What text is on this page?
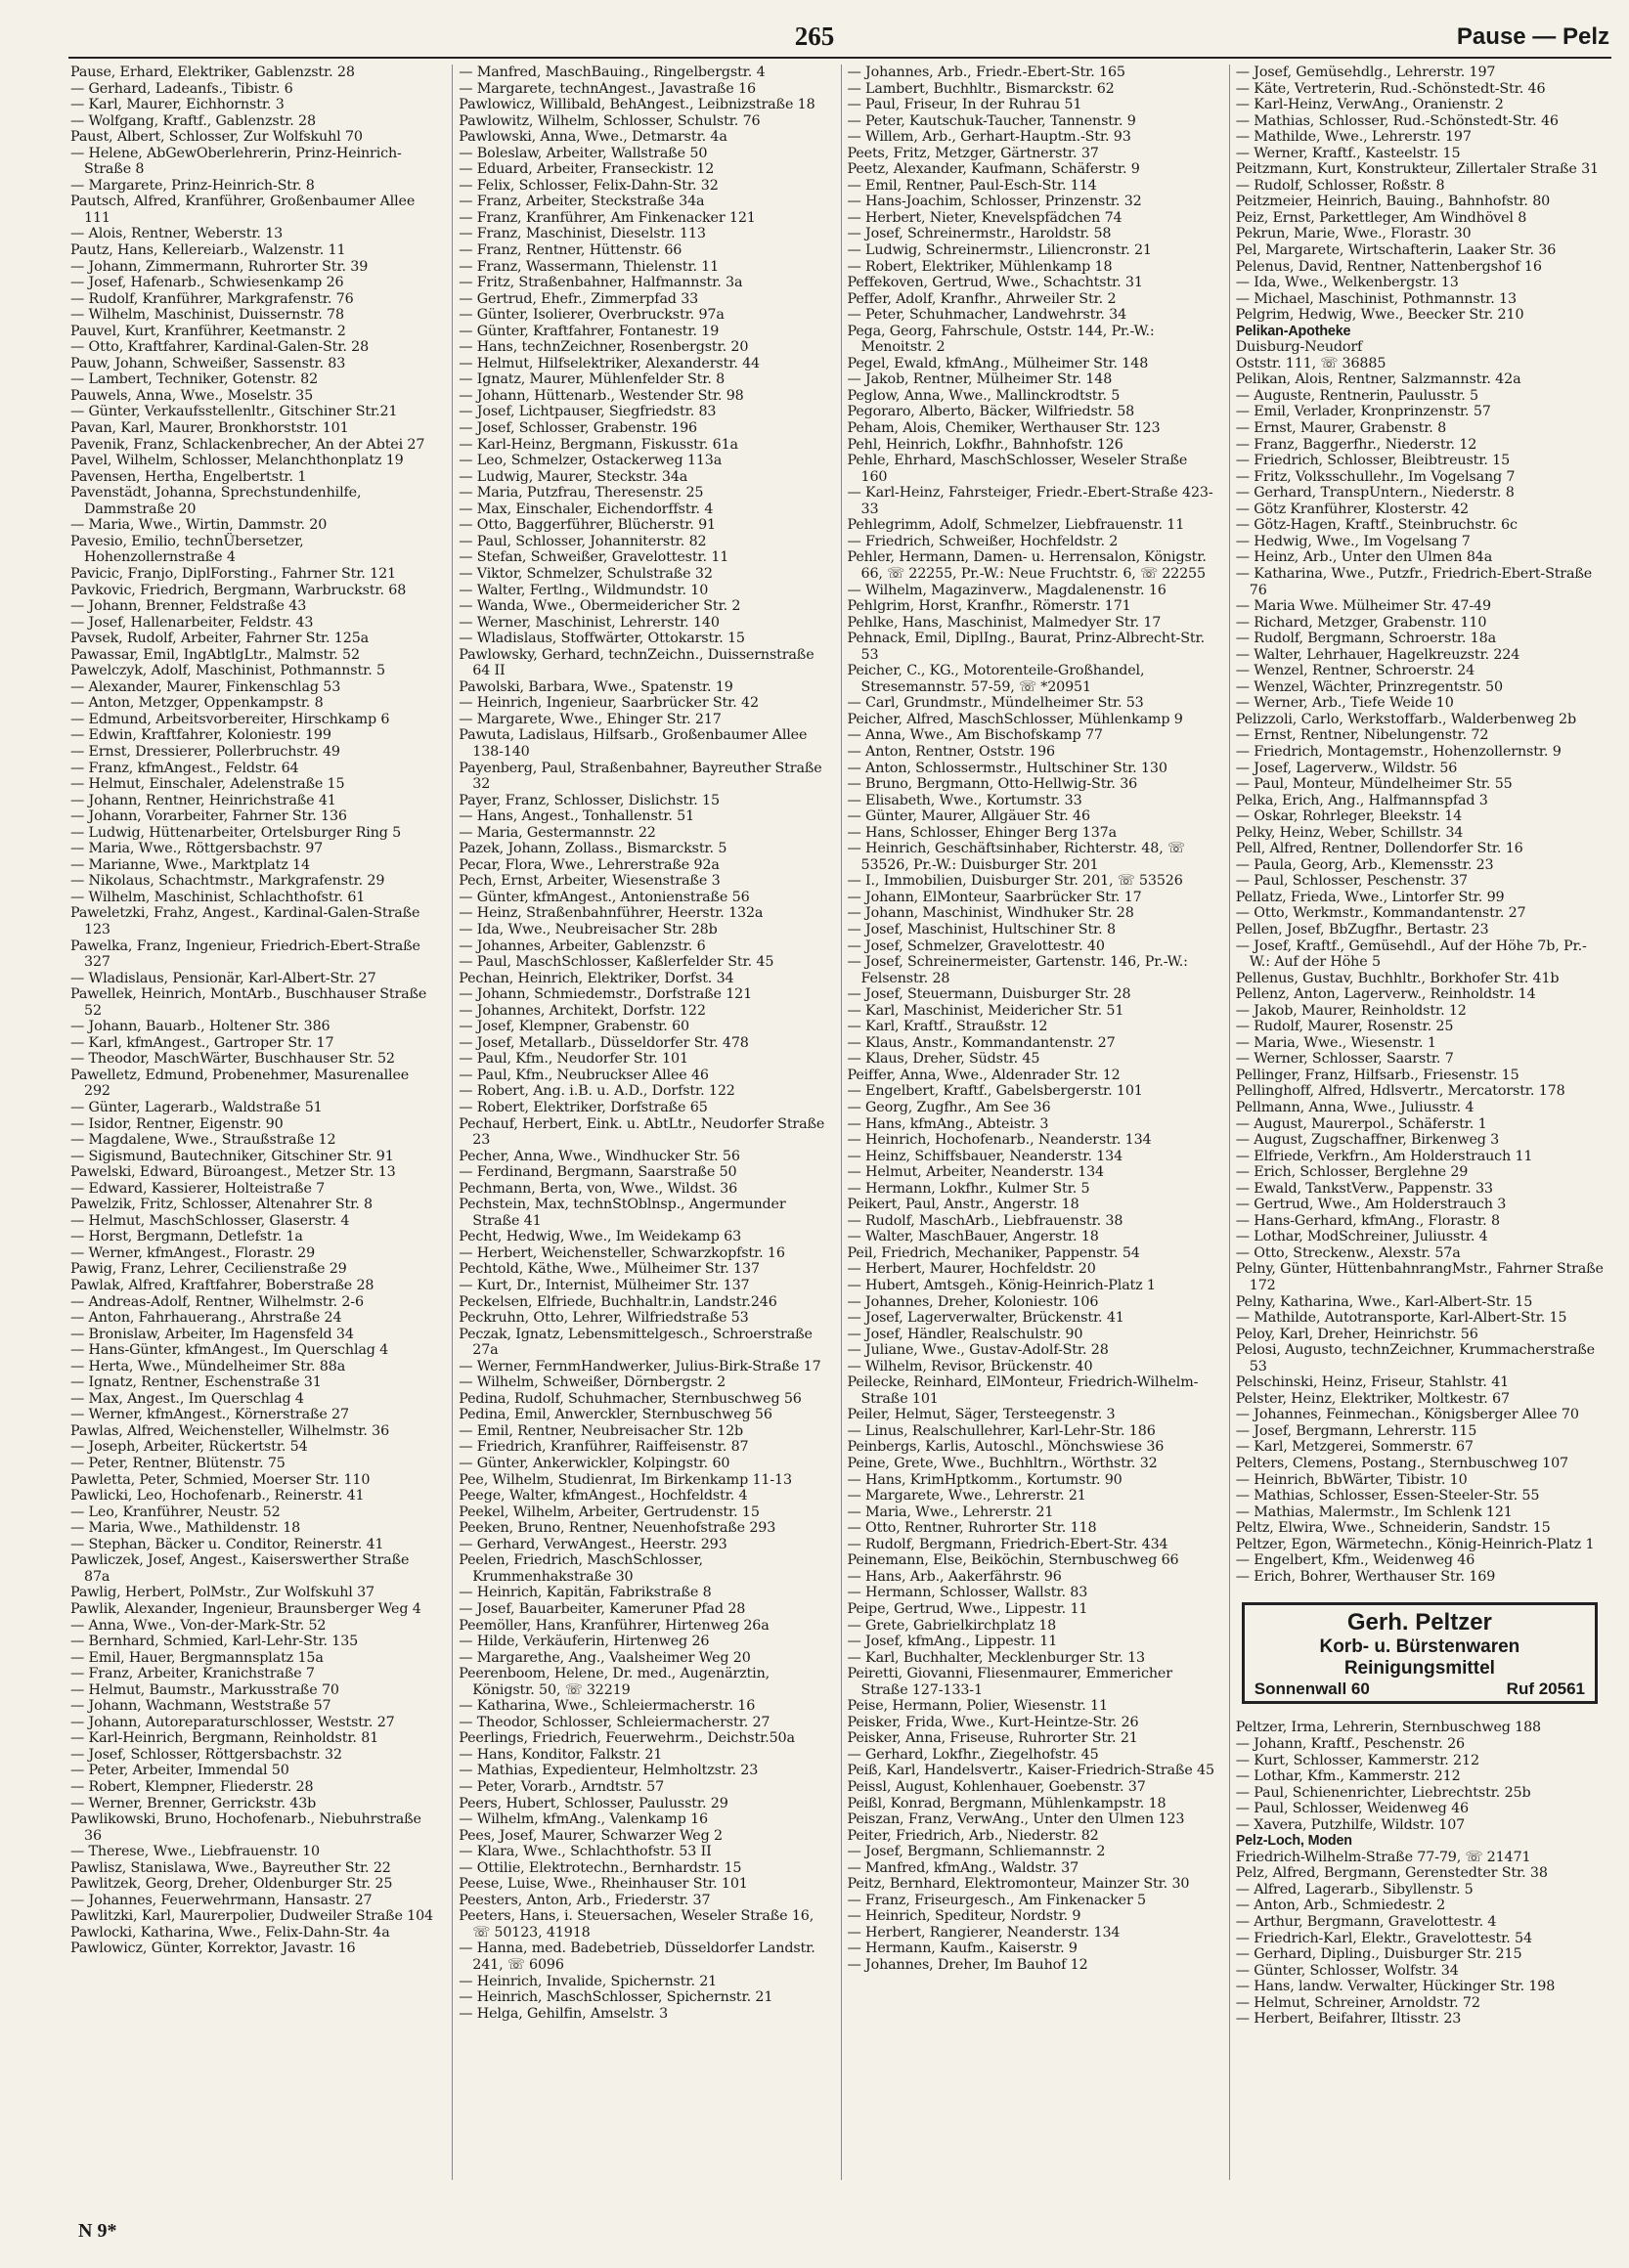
265	Pause — Pelz
Pause, Erhard, Elektriker, Gablenzstr. 28
— Gerhard, Ladeanfs., Tibistr. 6
— Karl, Maurer, Eichhornstr. 3
— Wolfgang, Kraftf., Gablenzstr. 28
Paust, Albert, Schlosser, Zur Wolfskuhl 70
— Helene, AbGewOberlehrerin, Prinz-Heinrich-Straße 8
— Margarete, Prinz-Heinrich-Str. 8
Pautsch, Alfred, Kranführer, Großenbaumer Allee 111
— Alois, Rentner, Weberstr. 13
Pautz, Hans, Kellereiarb., Walzenstr. 11
— Johann, Zimmermann, Ruhrorter Str. 39
— Josef, Hafenarb., Schwiesenkamp 26
— Rudolf, Kranführer, Markgrafenstr. 76
— Wilhelm, Maschinist, Duissernstr. 78
Pauvel, Kurt, Kranführer, Keetmanstr. 2
— Otto, Kraftfahrer, Kardinal-Galen-Str. 28
Pauw, Johann, Schweißer, Sassenstr. 83
— Lambert, Techniker, Gotenstr. 82
Pauwels, Anna, Wwe., Moselstr. 35
— Günter, Verkaufsstellenltr., Gitschiner Str.21
Pavan, Karl, Maurer, Bronkhorststr. 101
Pavenik, Franz, Schlackenbrecher, An der Abtei 27
Pavel, Wilhelm, Schlosser, Melanchthonplatz 19
Pavensen, Hertha, Engelbertstr. 1
Pavenstädt, Johanna, Sprechstundenhilfe, Dammstraße 20
— Maria, Wwe., Wirtin, Dammstr. 20
Pavesio, Emilio, technÜbersetzer, Hohenzollernstraße 4
Pavicic, Franjo, DiplForsting., Fahrner Str. 121
Pavkovic, Friedrich, Bergmann, Warbruckstr. 68
— Johann, Brenner, Feldstraße 43
— Josef, Hallenarbeiter, Feldstr. 43
Pavsek, Rudolf, Arbeiter, Fahrner Str. 125a
Pawassar, Emil, IngAbtlgLtr., Malmstr. 52
Pawelczyk, Adolf, Maschinist, Pothmannstr. 5
— Alexander, Maurer, Finkenschlag 53
— Anton, Metzger, Oppenkampstr. 8
— Edmund, Arbeitsvorbereiter, Hirschkamp 6
— Edwin, Kraftfahrer, Koloniestr. 199
— Ernst, Dressierer, Pollerbruchstr. 49
— Franz, kfmAngest., Feldstr. 64
— Helmut, Einschaler, Adelenstraße 15
— Johann, Rentner, Heinrichstraße 41
— Johann, Vorarbeiter, Fahrner Str. 136
— Ludwig, Hüttenarbeiter, Ortelsburger Ring 5
— Maria, Wwe., Röttgersbachstr. 97
— Marianne, Wwe., Marktplatz 14
— Nikolaus, Schachtmstr., Markgrafenstr. 29
— Wilhelm, Maschinist, Schlachthofstr. 61
Paweletzki, Frahz, Angest., Kardinal-Galen-Straße 123
Pawelka, Franz, Ingenieur, Friedrich-Ebert-Straße 327
— Wladislaus, Pensionär, Karl-Albert-Str. 27
Pawellek, Heinrich, MontArb., Buschhauser Straße 52
— Johann, Bauarb., Holtener Str. 386
— Karl, kfmAngest., Gartroper Str. 17
— Theodor, MaschWärter, Buschhauser Str. 52
Pawelletz, Edmund, Probenehmer, Masurenallee 292
— Günter, Lagerarb., Waldstraße 51
— Isidor, Rentner, Eigenstr. 90
— Magdalene, Wwe., Straußstraße 12
— Sigismund, Bautechniker, Gitschiner Str. 91
Pawelski, Edward, Büroangest., Metzer Str. 13
— Edward, Kassierer, Holteistraße 7
Pawelzik, Fritz, Schlosser, Altenahrer Str. 8
— Helmut, MaschSchlosser, Glaserstr. 4
— Horst, Bergmann, Detlefstr. 1a
— Werner, kfmAngest., Florastr. 29
Pawig, Franz, Lehrer, Cecilienstraße 29
Pawlak, Alfred, Kraftfahrer, Boberstraße 28
— Andreas-Adolf, Rentner, Wilhelmstr. 2-6
— Anton, Fahrhauerang., Ahrstraße 24
— Bronislaw, Arbeiter, Im Hagensfeld 34
— Hans-Günter, kfmAngest., Im Querschlag 4
— Herta, Wwe., Mündelheimer Str. 88a
— Ignatz, Rentner, Eschenstraße 31
— Max, Angest., Im Querschlag 4
— Werner, kfmAngest., Körnerstraße 27
Pawlas, Alfred, Weichensteller, Wilhelmstr. 36
— Joseph, Arbeiter, Rückertstr. 54
— Peter, Rentner, Blütenstr. 75
Pawletta, Peter, Schmied, Moerser Str. 110
Pawlicki, Leo, Hochofenarb., Reinerstr. 41
— Leo, Kranführer, Neustr. 52
— Maria, Wwe., Mathildenstr. 18
— Stephan, Bäcker u. Conditor, Reinerstr. 41
Pawliczek, Josef, Angest., Kaiserswerther Straße 87a
Pawlig, Herbert, PolMstr., Zur Wolfskuhl 37
Pawlik, Alexander, Ingenieur, Braunsberger Weg 4
— Anna, Wwe., Von-der-Mark-Str. 52
— Bernhard, Schmied, Karl-Lehr-Str. 135
— Emil, Hauer, Bergmannsplatz 15a
— Franz, Arbeiter, Kranichstraße 7
— Helmut, Baumstr., Markusstraße 70
— Johann, Wachmann, Weststraße 57
— Johann, Autoreparaturschlosser, Weststr. 27
— Karl-Heinrich, Bergmann, Reinholdstr. 81
— Josef, Schlosser, Röttgersbachstr. 32
— Peter, Arbeiter, Immendal 50
— Robert, Klempner, Fliederstr. 28
— Werner, Brenner, Gerrickstr. 43b
Pawlikowski, Bruno, Hochofenarb., Niebuhrstraße 36
— Therese, Wwe., Liebfrauenstr. 10
Pawlisz, Stanislawa, Wwe., Bayreuther Str. 22
Pawlitzek, Georg, Dreher, Oldenburger Str. 25
— Johannes, Feuerwehrmann, Hansastr. 27
Pawlitzki, Karl, Maurerpolier, Dudweiler Straße 104
Pawlocki, Katharina, Wwe., Felix-Dahn-Str. 4a
Pawlowicz, Günter, Korrektor, Javastr. 16
— Manfred, MaschBauing., Ringelbergstr. 4
— Margarete, technAngest., Javastraße 16
Pawlowicz, Willibald, BehAngest., Leibnizstraße 18
Pawlowitz, Wilhelm, Schlosser, Schulstr. 76
Pawlowski, Anna, Wwe., Detmarstr. 4a
— Boleslaw, Arbeiter, Wallstraße 50
— Eduard, Arbeiter, Franseckistr. 12
— Felix, Schlosser, Felix-Dahn-Str. 32
— Franz, Arbeiter, Steckstraße 34a
— Franz, Kranführer, Am Finkenacker 121
— Franz, Maschinist, Dieselstr. 113
— Franz, Rentner, Hüttenstr. 66
— Franz, Wassermann, Thielenstr. 11
— Fritz, Straßenbahner, Halfmannstr. 3a
— Gertrud, Ehefr., Zimmerpfad 33
— Günter, Isolierer, Overbruckstr. 97a
— Günter, Kraftfahrer, Fontanestr. 19
— Hans, technZeichner, Rosenbergstr. 20
— Helmut, Hilfselektriker, Alexanderstr. 44
— Ignatz, Maurer, Mühlenfelder Str. 8
— Johann, Hüttenarb., Westender Str. 98
— Josef, Lichtpauser, Siegfriedstr. 83
— Josef, Schlosser, Grabenstr. 196
— Karl-Heinz, Bergmann, Fiskusstr. 61a
— Leo, Schmelzer, Ostackerweg 113a
— Ludwig, Maurer, Steckstr. 34a
— Maria, Putzfrau, Theresenstr. 25
— Max, Einschaler, Eichendorffstr. 4
— Otto, Baggerführer, Blücherstr. 91
— Paul, Schlosser, Johanniterstr. 82
— Stefan, Schweißer, Gravelottestr. 11
— Viktor, Schmelzer, Schulstraße 32
— Walter, Fertlng., Wildmundstr. 10
— Wanda, Wwe., Obermeidericher Str. 2
— Werner, Maschinist, Lehrerstr. 140
— Wladislaus, Stoffwärter, Ottokarstr. 15
Pawlowsky, Gerhard, technZeichn., Duissernstraße 64 II
Pawolski, Barbara, Wwe., Spatenstr. 19
— Heinrich, Ingenieur, Saarbrücker Str. 42
— Margarete, Wwe., Ehinger Str. 217
Pawuta, Ladislaus, Hilfsarb., Großenbaumer Allee 138-140
Payenberg, Paul, Straßenbahner, Bayreuther Straße 32
Payer, Franz, Schlosser, Dislichstr. 15
— Hans, Angest., Tonhallenstr. 51
— Maria, Gestermannstr. 22
Pazek, Johann, Zollass., Bismarckstr. 5
Pecar, Flora, Wwe., Lehrerstraße 92a
Pech, Ernst, Arbeiter, Wiesenstraße 3
— Günter, kfmAngest., Antonienstraße 56
— Heinz, Straßenbahnführer, Heerstr. 132a
— Ida, Wwe., Neubreisacher Str. 28b
— Johannes, Arbeiter, Gablenzstr. 6
— Paul, MaschSchlosser, Kaßlerfelder Str. 45
Pechan, Heinrich, Elektriker, Dorfst. 34
— Johann, Schmiedemstr., Dorfstraße 121
— Johannes, Architekt, Dorfstr. 122
— Josef, Klempner, Grabenstr. 60
— Josef, Metallarb., Düsseldorfer Str. 478
— Paul, Kfm., Neudorfer Str. 101
— Paul, Kfm., Neubruckser Allee 46
— Robert, Ang. i.B. u. A.D., Dorfstr. 122
— Robert, Elektriker, Dorfstraße 65
Pechauf, Herbert, Eink. u. AbtLtr., Neudorfer Straße 23
Pecher, Anna, Wwe., Windhucker Str. 56
— Ferdinand, Bergmann, Saarstraße 50
Pechmann, Berta, von, Wwe., Wildst. 36
Pechstein, Max, technStOblnsp., Angermunder Straße 41
Pecht, Hedwig, Wwe., Im Weidekamp 63
— Herbert, Weichensteller, Schwarzkopfstr. 16
Pechtold, Käthe, Wwe., Mülheimer Str. 137
— Kurt, Dr., Internist, Mülheimer Str. 137
Peckelsen, Elfriede, Buchhaltr.in, Landstr.246
Peckruhn, Otto, Lehrer, Wilfriedstraße 53
Peczak, Ignatz, Lebensmittelgesch., Schroerstraße 27a
— Werner, FernmHandwerker, Julius-Birk-Straße 17
— Wilhelm, Schweißer, Dörnbergstr. 2
Pedina, Rudolf, Schuhmacher, Sternbuschweg 56
Pedina, Emil, Anwerckler, Sternbuschweg 56
— Emil, Rentner, Neubreisacher Str. 12b
— Friedrich, Kranführer, Raiffeisenstr. 87
— Günter, Ankerwickler, Kolpingstr. 60
Pee, Wilhelm, Studienrat, Im Birkenkamp 11-13
Peege, Walter, kfmAngest., Hochfeldstr. 4
Peekel, Wilhelm, Arbeiter, Gertrudenstr. 15
Peeken, Bruno, Rentner, Neuenhofstraße 293
— Gerhard, VerwAngest., Heerstr. 293
Peelen, Friedrich, MaschSchlosser, Krummenhakstraße 30
— Heinrich, Kapitän, Fabrikstraße 8
— Josef, Bauarbeiter, Kameruner Pfad 28
Peemöller, Hans, Kranführer, Hirtenweg 26a
— Hilde, Verkäuferin, Hirtenweg 26
— Margarethe, Ang., Vaalsheimer Weg 20
Peerenboom, Helene, Dr. med., Augenärztin, Königstr. 50, ☏ 32219
— Katharina, Wwe., Schleiermacherstr. 16
— Theodor, Schlosser, Schleiermacherstr. 27
Peerlings, Friedrich, Feuerwehrm., Deichstr.50a
— Hans, Konditor, Falkstr. 21
— Mathias, Expedienteur, Helmholtzstr. 23
— Peter, Vorarb., Arndtstr. 57
Peers, Hubert, Schlosser, Paulusstr. 29
— Wilhelm, kfmAng., Valenkamp 16
Pees, Josef, Maurer, Schwarzer Weg 2
— Klara, Wwe., Schlachthofstr. 53 II
— Ottilie, Elektrotechn., Bernhardstr. 15
Peese, Luise, Wwe., Rheinhauser Str. 101
Peesters, Anton, Arb., Friederstr. 37
Peeters, Hans, i. Steuersachen, Weseler Straße 16, ☏ 50123, 41918
— Hanna, med. Badebetrieb, Düsseldorfer Landstr. 241, ☏ 6096
— Heinrich, Invalide, Spichernstr. 21
— Heinrich, MaschSchlosser, Spichernstr. 21
— Helga, Gehilfin, Amselstr. 3
— Johannes, Arb., Friedr.-Ebert-Str. 165
— Lambert, Buchhltr., Bismarckstr. 62
— Paul, Friseur, In der Ruhrau 51
— Peter, Kautschuk-Taucher, Tannenstr. 9
— Willem, Arb., Gerhart-Hauptm.-Str. 93
Peets, Fritz, Metzger, Gärtnerstr. 37
Peetz, Alexander, Kaufmann, Schäferstr. 9
— Emil, Rentner, Paul-Esch-Str. 114
— Hans-Joachim, Schlosser, Prinzenstr. 32
— Herbert, Nieter, Knevelspfädchen 74
— Josef, Schreinermstr., Haroldstr. 58
— Ludwig, Schreinermstr., Liliencronstr. 21
— Robert, Elektriker, Mühlenkamp 18
Peffekoven, Gertrud, Wwe., Schachtstr. 31
Peffer, Adolf, Kranfhr., Ahrweiler Str. 2
— Peter, Schuhmacher, Landwehrstr. 34
Pega, Georg, Fahrschule, Oststr. 144, Pr.-W.: Menoitstr. 2
Pegel, Ewald, kfmAng., Mülheimer Str. 148
— Jakob, Rentner, Mülheimer Str. 148
Peglow, Anna, Wwe., Mallinckrodtstr. 5
Pegoraro, Alberto, Bäcker, Wilfriedstr. 58
Peham, Alois, Chemiker, Werthauser Str. 123
Pehl, Heinrich, Lokfhr., Bahnhofstr. 126
Pehle, Ehrhard, MaschSchlosser, Weseler Straße 160
— Karl-Heinz, Fahrsteiger, Friedr.-Ebert-Straße 423-33
Pehlegrimm, Adolf, Schmelzer, Liebfrauenstr. 11
— Friedrich, Schweißer, Hochfeldstr. 2
Pehler, Hermann, Damen- u. Herrensalon, Königstr. 66, ☏ 22255, Pr.-W.: Neue Fruchtstr. 6, ☏ 22255
— Wilhelm, Magazinverw., Magdalenenstr. 16
Pehlgrim, Horst, Kranfhr., Römerstr. 171
Pehlke, Hans, Maschinist, Malmedyer Str. 17
Pehnack, Emil, DiplIng., Baurat, Prinz-Albrecht-Str. 53
Peicher, C., KG., Motorenteile-Großhandel, Stresemannstr. 57-59, ☏ *20951
— Carl, Grundmstr., Mündelheimer Str. 53
Peicher, Alfred, MaschSchlosser, Mühlenkamp 9
— Anna, Wwe., Am Bischofskamp 77
— Anton, Rentner, Oststr. 196
— Anton, Schlossermstr., Hultschiner Str. 130
— Bruno, Bergmann, Otto-Hellwig-Str. 36
— Elisabeth, Wwe., Kortumstr. 33
— Günter, Maurer, Allgäuer Str. 46
— Hans, Schlosser, Ehinger Berg 137a
— Heinrich, Geschäftsinhaber, Richterstr. 48, ☏ 53526, Pr.-W.: Duisburger Str. 201
— I., Immobilien, Duisburger Str. 201, ☏ 53526
— Johann, ElMonteur, Saarbrücker Str. 17
— Johann, Maschinist, Windhuker Str. 28
— Josef, Maschinist, Hultschiner Str. 8
— Josef, Schmelzer, Gravelottestr. 40
— Josef, Schreinermeister, Gartenstr. 146, Pr.-W.: Felsenstr. 28
— Josef, Steuermann, Duisburger Str. 28
— Karl, Maschinist, Meidericher Str. 51
— Karl, Kraftf., Straußstr. 12
— Klaus, Anstr., Kommandantenstr. 27
— Klaus, Dreher, Südstr. 45
Peiffer, Anna, Wwe., Aldenrader Str. 12
— Engelbert, Kraftf., Gabelsbergerstr. 101
— Georg, Zugfhr., Am See 36
— Hans, kfmAng., Abteistr. 3
— Heinrich, Hochofenarb., Neanderstr. 134
— Heinz, Schiffsbauer, Neanderstr. 134
— Helmut, Arbeiter, Neanderstr. 134
— Hermann, Lokfhr., Kulmer Str. 5
Peikert, Paul, Anstr., Angerstr. 18
— Rudolf, MaschArb., Liebfrauenstr. 38
— Walter, MaschBauer, Angerstr. 18
Peil, Friedrich, Mechaniker, Pappenstr. 54
— Herbert, Maurer, Hochfeldstr. 20
— Hubert, Amtsgeh., König-Heinrich-Platz 1
— Johannes, Dreher, Koloniestr. 106
— Josef, Lagerverwalter, Brückenstr. 41
— Josef, Händler, Realschulstr. 90
— Juliane, Wwe., Gustav-Adolf-Str. 28
— Wilhelm, Revisor, Brückenstr. 40
Peilecke, Reinhard, ElMonteur, Friedrich-Wilhelm-Straße 101
Peiler, Helmut, Säger, Tersteegenstr. 3
— Linus, Realschullehrer, Karl-Lehr-Str. 186
Peinbergs, Karlis, Autoschl., Mönchswiese 36
Peine, Grete, Wwe., Buchhltrn., Wörthstr. 32
— Hans, KrimHptkomm., Kortumstr. 90
— Margarete, Wwe., Lehrerstr. 21
— Maria, Wwe., Lehrerstr. 21
— Otto, Rentner, Ruhrorter Str. 118
— Rudolf, Bergmann, Friedrich-Ebert-Str. 434
Peinemann, Else, Beiköchin, Sternbuschweg 66
— Hans, Arb., Aakerfährstr. 96
— Hermann, Schlosser, Wallstr. 83
Peipe, Gertrud, Wwe., Lippestr. 11
— Grete, Gabrielkirchplatz 18
— Josef, kfmAng., Lippestr. 11
— Karl, Buchhalter, Mecklenburger Str. 13
Peiretti, Giovanni, Fliesenmaurer, Emmericher Straße 127-133-1
Peise, Hermann, Polier, Wiesenstr. 11
Peisker, Frida, Wwe., Kurt-Heintze-Str. 26
Peisker, Anna, Friseuse, Ruhrorter Str. 21
— Gerhard, Lokfhr., Ziegelhofstr. 45
Peiß, Karl, Handelsvertr., Kaiser-Friedrich-Straße 45
Peissl, August, Kohlenhauer, Goebenstr. 37
Peißl, Konrad, Bergmann, Mühlenkampstr. 18
Peiszan, Franz, VerwAng., Unter den Ulmen 123
Peiter, Friedrich, Arb., Niederstr. 82
— Josef, Bergmann, Schliemannstr. 2
— Manfred, kfmAng., Waldstr. 37
Peitz, Bernhard, Elektromonteur, Mainzer Str. 30
— Franz, Friseurgesch., Am Finkenacker 5
— Heinrich, Spediteur, Nordstr. 9
— Herbert, Rangierer, Neanderstr. 134
— Hermann, Kaufm., Kaiserstr. 9
— Johannes, Dreher, Im Bauhof 12
— Josef, Gemüsehdlg., Lehrerstr. 197
— Käte, Vertreterin, Rud.-Schönstedt-Str. 46
— Karl-Heinz, VerwAng., Oranienstr. 2
— Mathias, Schlosser, Rud.-Schönstedt-Str. 46
— Mathilde, Wwe., Lehrerstr. 197
— Werner, Kraftf., Kasteelstr. 15
Peitzmann, Kurt, Konstrukteur, Zillertaler Straße 31
— Rudolf, Schlosser, Roßstr. 8
Peitzmeier, Heinrich, Bauing., Bahnhofstr. 80
Peiz, Ernst, Parkettleger, Am Windhövel 8
Pekrun, Marie, Wwe., Florastr. 30
Pel, Margarete, Wirtschafterin, Laaker Str. 36
Pelenus, David, Rentner, Nattenbergshof 16
— Ida, Wwe., Welkenbergstr. 13
— Michael, Maschinist, Pothmannstr. 13
Pelgrim, Hedwig, Wwe., Beecker Str. 210
Pelikan-Apotheke
Duisburg-Neudorf
Oststr. 111, ☏ 36885
Pelikan, Alois, Rentner, Salzmannstr. 42a
— Auguste, Rentnerin, Paulusstr. 5
— Emil, Verlader, Kronprinzenstr. 57
— Ernst, Maurer, Grabenstr. 8
— Franz, Baggerfhr., Niederstr. 12
— Friedrich, Schlosser, Bleibtreustr. 15
— Fritz, Volksschullehr., Im Vogelsang 7
— Gerhard, TranspUntern., Niederstr. 8
— Götz Kranführer, Klosterstr. 42
— Götz-Hagen, Kraftf., Steinbruchstr. 6c
— Hedwig, Wwe., Im Vogelsang 7
— Heinz, Arb., Unter den Ulmen 84a
— Katharina, Wwe., Putzfr., Friedrich-Ebert-Straße 76
— Maria Wwe. Mülheimer Str. 47-49
— Richard, Metzger, Grabenstr. 110
— Rudolf, Bergmann, Schroerstr. 18a
— Walter, Lehrhauer, Hagelkreuzstr. 224
— Wenzel, Rentner, Schroerstr. 24
— Wenzel, Wächter, Prinzregentstr. 50
— Werner, Arb., Tiefe Weide 10
Pelizzoli, Carlo, Werkstoffarb., Walderbenweg 2b
— Ernst, Rentner, Nibelungenstr. 72
— Friedrich, Montagemstr., Hohenzollernstr. 9
— Josef, Lagerverw., Wildstr. 56
— Paul, Monteur, Mündelheimer Str. 55
Pelka, Erich, Ang., Halfmannspfad 3
— Oskar, Rohrleger, Bleekstr. 14
Pelky, Heinz, Weber, Schillstr. 34
Pell, Alfred, Rentner, Dollendorfer Str. 16
— Paula, Georg, Arb., Klemensstr. 23
— Paul, Schlosser, Peschenstr. 37
Pellatz, Frieda, Wwe., Lintorfer Str. 99
— Otto, Werkmstr., Kommandantenstr. 27
Pellen, Josef, BbZugfhr., Bertastr. 23
— Josef, Kraftf., Gemüsehdl., Auf der Höhe 7b, Pr.-W.: Auf der Höhe 5
Pellenus, Gustav, Buchhltr., Borkhofer Str. 41b
Pellenz, Anton, Lagerverw., Reinholdstr. 14
— Jakob, Maurer, Reinholdstr. 12
— Rudolf, Maurer, Rosenstr. 25
— Maria, Wwe., Wiesenstr. 1
— Werner, Schlosser, Saarstr. 7
Pellinger, Franz, Hilfsarb., Friesenstr. 15
Pellinghoff, Alfred, Hdlsvertr., Mercatorstr. 178
Pellmann, Anna, Wwe., Juliusstr. 4
— August, Maurerpol., Schäferstr. 1
— August, Zugschaffner, Birkenweg 3
— Elfriede, Verkfrn., Am Holderstrauch 11
— Erich, Schlosser, Berglehne 29
— Ewald, TankstVerw., Pappenstr. 33
— Gertrud, Wwe., Am Holderstrauch 3
— Hans-Gerhard, kfmAng., Florastr. 8
— Lothar, ModSchreiner, Juliusstr. 4
— Otto, Streckenw., Alexstr. 57a
Pelny, Günter, HüttenbahnrangMstr., Fahrner Straße 172
Pelny, Katharina, Wwe., Karl-Albert-Str. 15
— Mathilde, Autotransporte, Karl-Albert-Str. 15
Peloy, Karl, Dreher, Heinrichstr. 56
Pelosi, Augusto, technZeichner, Krummacherstraße 53
Pelschinski, Heinz, Friseur, Stahlstr. 41
Pelster, Heinz, Elektriker, Moltkestr. 67
— Johannes, Feinmechan., Königsberger Allee 70
— Josef, Bergmann, Lehrerstr. 115
— Karl, Metzgerei, Sommerstr. 67
Pelters, Clemens, Postang., Sternbuschweg 107
— Heinrich, BbWärter, Tibistr. 10
— Mathias, Schlosser, Essen-Steeler-Str. 55
— Mathias, Malermstr., Im Schlenk 121
Peltz, Elwira, Wwe., Schneiderin, Sandstr. 15
Peltzer, Egon, Wärmetechn., König-Heinrich-Platz 1
— Engelbert, Kfm., Weidenweg 46
— Erich, Bohrer, Werthauser Str. 169
Gerh. Peltzer
Korb- u. Bürstenwaren
Reinigungsmittel
Sonnenwall 60	Ruf 20561
Peltzer, Irma, Lehrerin, Sternbuschweg 188
— Johann, Kraftf., Peschenstr. 26
— Kurt, Schlosser, Kammerstr. 212
— Lothar, Kfm., Kammerstr. 212
— Paul, Schienenrichter, Liebrechtstr. 25b
— Paul, Schlosser, Weidenweg 46
— Xavera, Putzhilfe, Wildstr. 107
Pelz-Loch, Moden
Friedrich-Wilhelm-Straße 77-79, ☏ 21471
Pelz, Alfred, Bergmann, Gerenstedter Str. 38
— Alfred, Lagerarb., Sibyllenstr. 5
— Anton, Arb., Schmiedestr. 2
— Arthur, Bergmann, Gravelottestr. 4
— Friedrich-Karl, Elektr., Gravelottestr. 54
— Gerhard, Dipling., Duisburger Str. 215
— Günter, Schlosser, Wolfstr. 34
— Hans, landw. Verwalter, Hückinger Str. 198
— Helmut, Schreiner, Arnoldstr. 72
— Herbert, Beifahrer, Iltisstr. 23
N 9*
